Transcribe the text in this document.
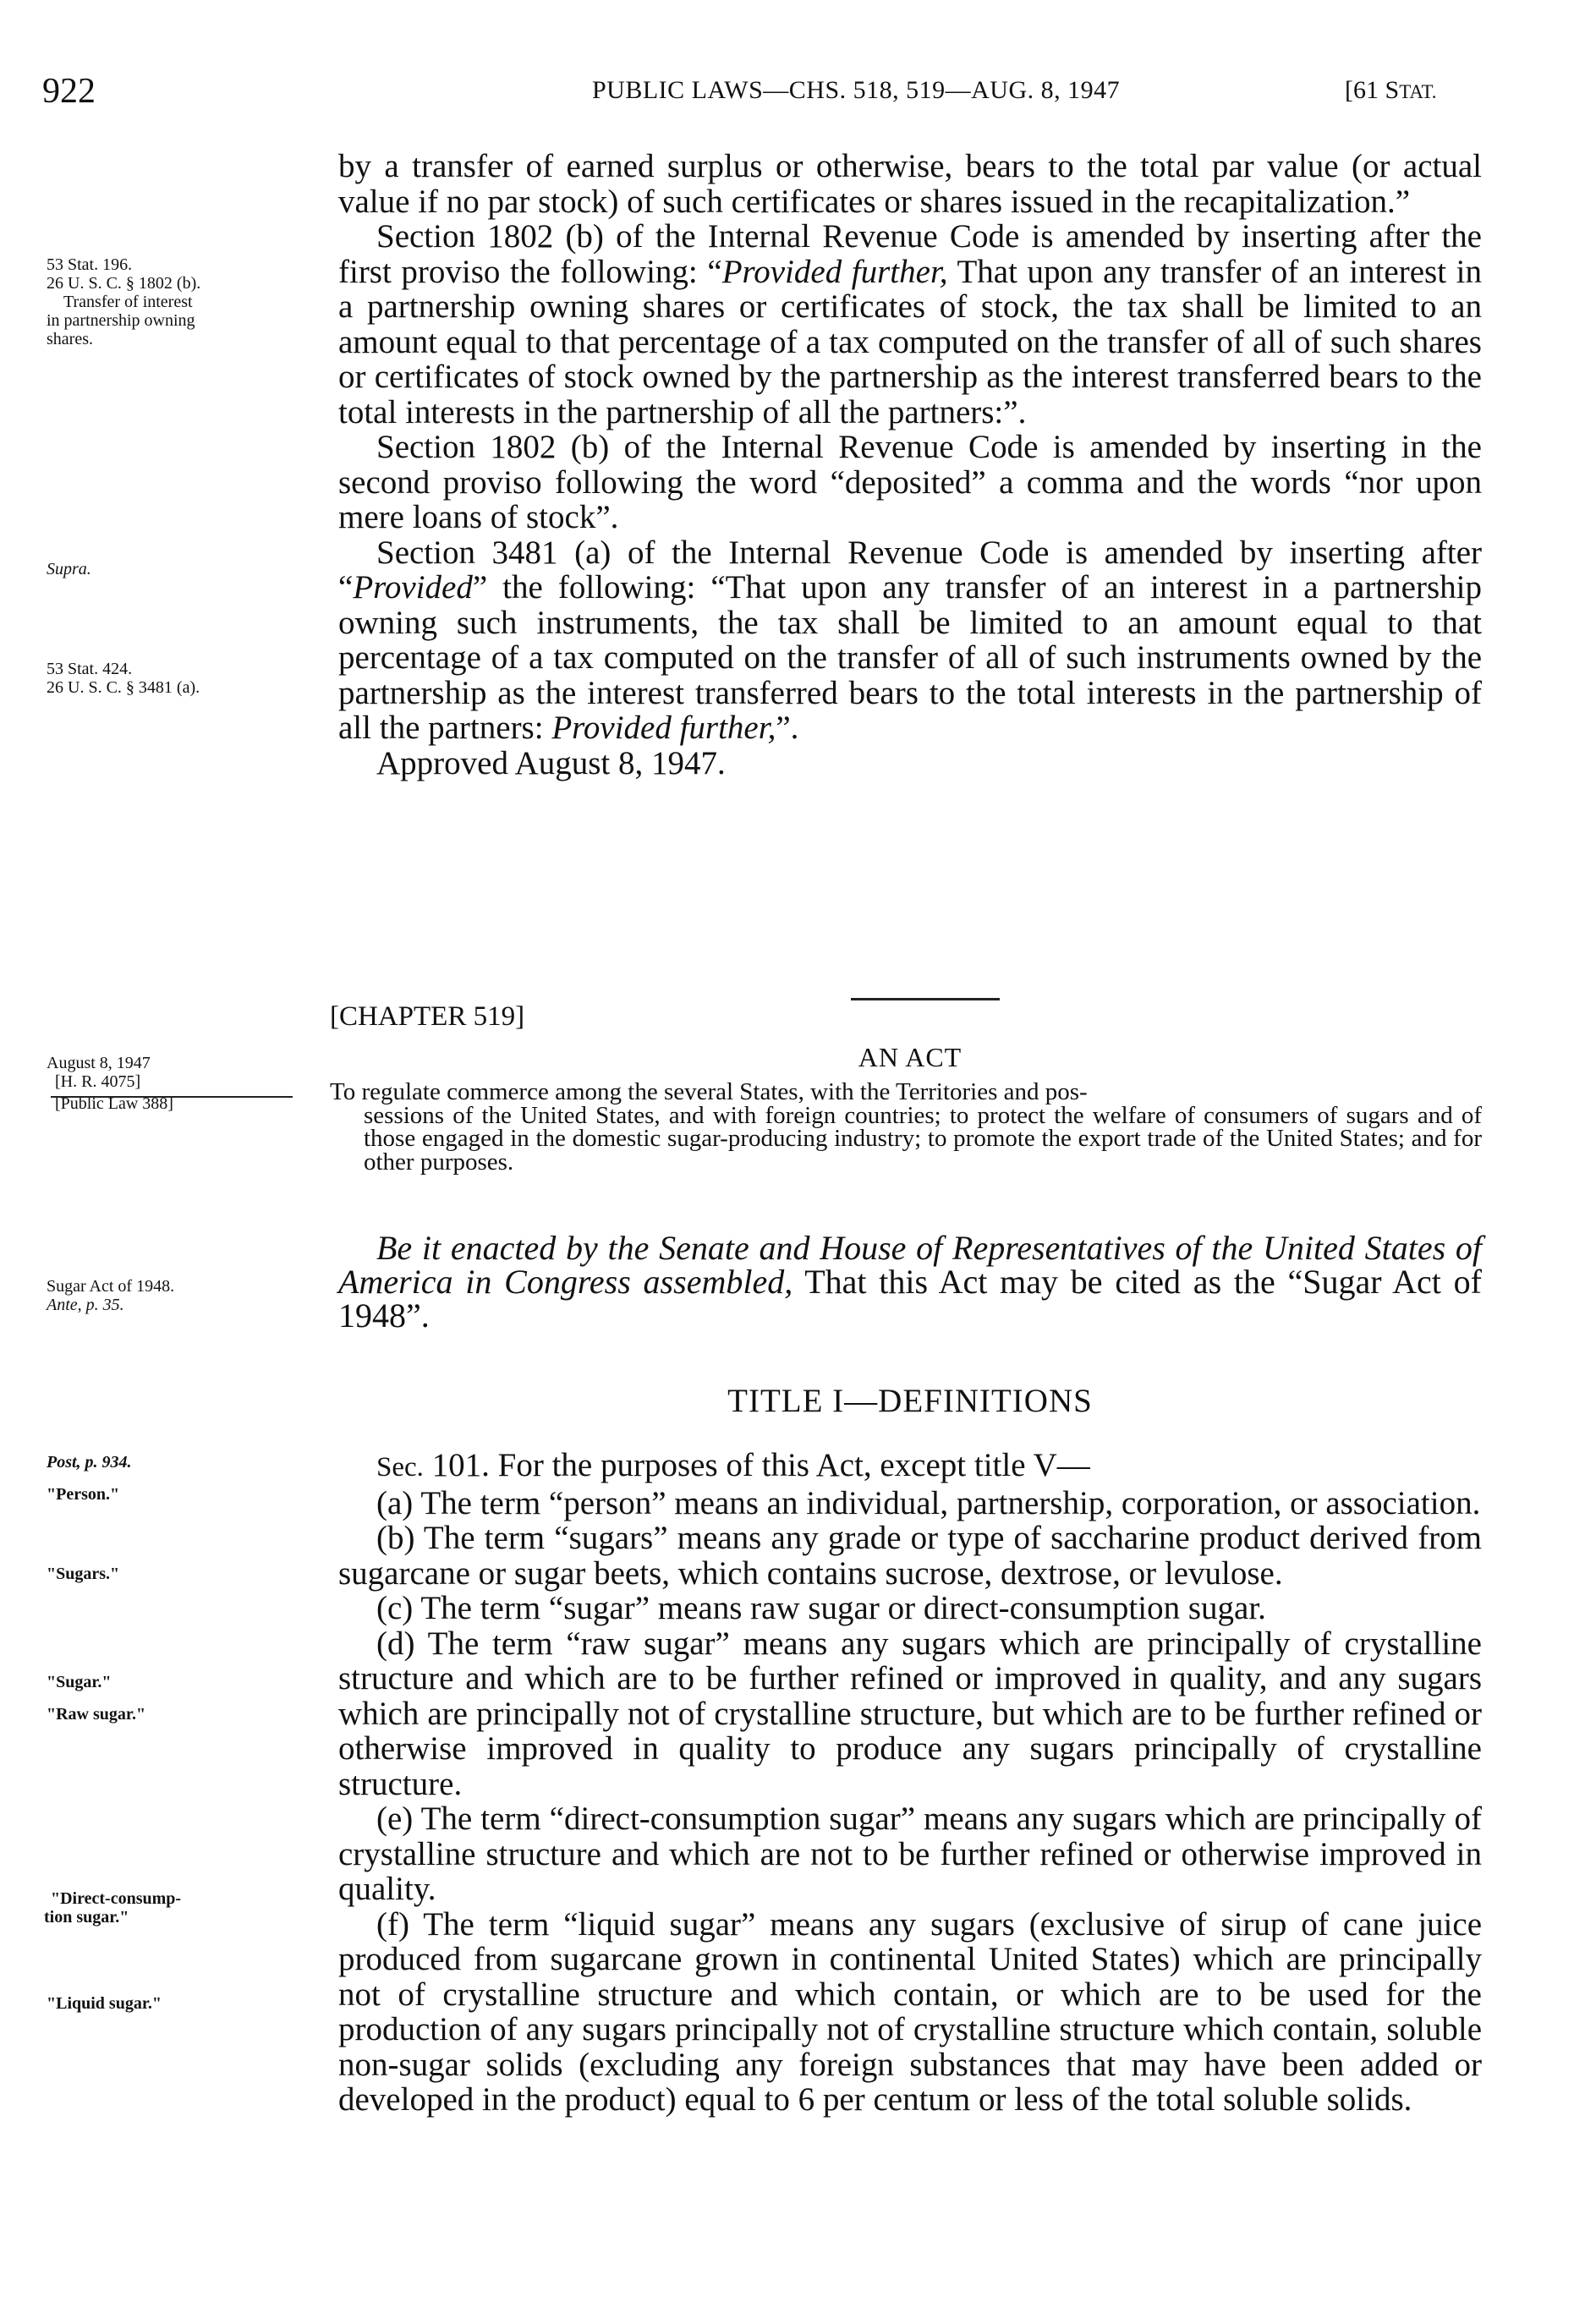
922	PUBLIC LAWS—CHS. 518, 519—AUG. 8, 1947	[61 STAT.
53 Stat. 196.
26 U. S. C. § 1802 (b).
Transfer of interest
in partnership owning
shares.
Supra.
53 Stat. 424.
26 U. S. C. § 3481 (a).
August 8, 1947
[H. R. 4075]
[Public Law 388]
Sugar Act of 1948.
Ante, p. 35.
Post, p. 934.
"Person."
"Sugars."
"Sugar."
"Raw sugar."
"Direct-consump-
tion sugar."
"Liquid sugar."

by a transfer of earned surplus or otherwise, bears to the total par value (or actual value if no par stock) of such certificates or shares issued in the recapitalization.”

Section 1802 (b) of the Internal Revenue Code is amended by inserting after the first proviso the following: “Provided further, That upon any transfer of an interest in a partnership owning shares or certificates of stock, the tax shall be limited to an amount equal to that percentage of a tax computed on the transfer of all of such shares or certificates of stock owned by the partnership as the interest transferred bears to the total interests in the partnership of all the partners:”.

Section 1802 (b) of the Internal Revenue Code is amended by inserting in the second proviso following the word “deposited” a comma and the words “nor upon mere loans of stock”.

Section 3481 (a) of the Internal Revenue Code is amended by inserting after “Provided” the following: “That upon any transfer of an interest in a partnership owning such instruments, the tax shall be limited to an amount equal to that percentage of a tax computed on the transfer of all of such instruments owned by the partnership as the interest transferred bears to the total interests in the partnership of all the partners: Provided further,”.

Approved August 8, 1947.

[CHAPTER 519]
AN ACT
To regulate commerce among the several States, with the Territories and pos-
sessions of the United States, and with foreign countries; to protect the welfare of consumers of sugars and of those engaged in the domestic sugar-producing industry; to promote the export trade of the United States; and for other purposes.
Be it enacted by the Senate and House of Representatives of the United States of America in Congress assembled, That this Act may be cited as the “Sugar Act of 1948”.
TITLE I—DEFINITIONS

Sec. 101. For the purposes of this Act, except title V—

(a) The term “person” means an individual, partnership, corporation, or association.

(b) The term “sugars” means any grade or type of saccharine product derived from sugarcane or sugar beets, which contains sucrose, dextrose, or levulose.

(c) The term “sugar” means raw sugar or direct-consumption sugar.

(d) The term “raw sugar” means any sugars which are principally of crystalline structure and which are to be further refined or improved in quality, and any sugars which are principally not of crystalline structure, but which are to be further refined or otherwise improved in quality to produce any sugars principally of crystalline structure.

(e) The term “direct-consumption sugar” means any sugars which are principally of crystalline structure and which are not to be further refined or otherwise improved in quality.

(f) The term “liquid sugar” means any sugars (exclusive of sirup of cane juice produced from sugarcane grown in continental United States) which are principally not of crystalline structure and which contain, or which are to be used for the production of any sugars principally not of crystalline structure which contain, soluble non-sugar solids (excluding any foreign substances that may have been added or developed in the product) equal to 6 per centum or less of the total soluble solids.
